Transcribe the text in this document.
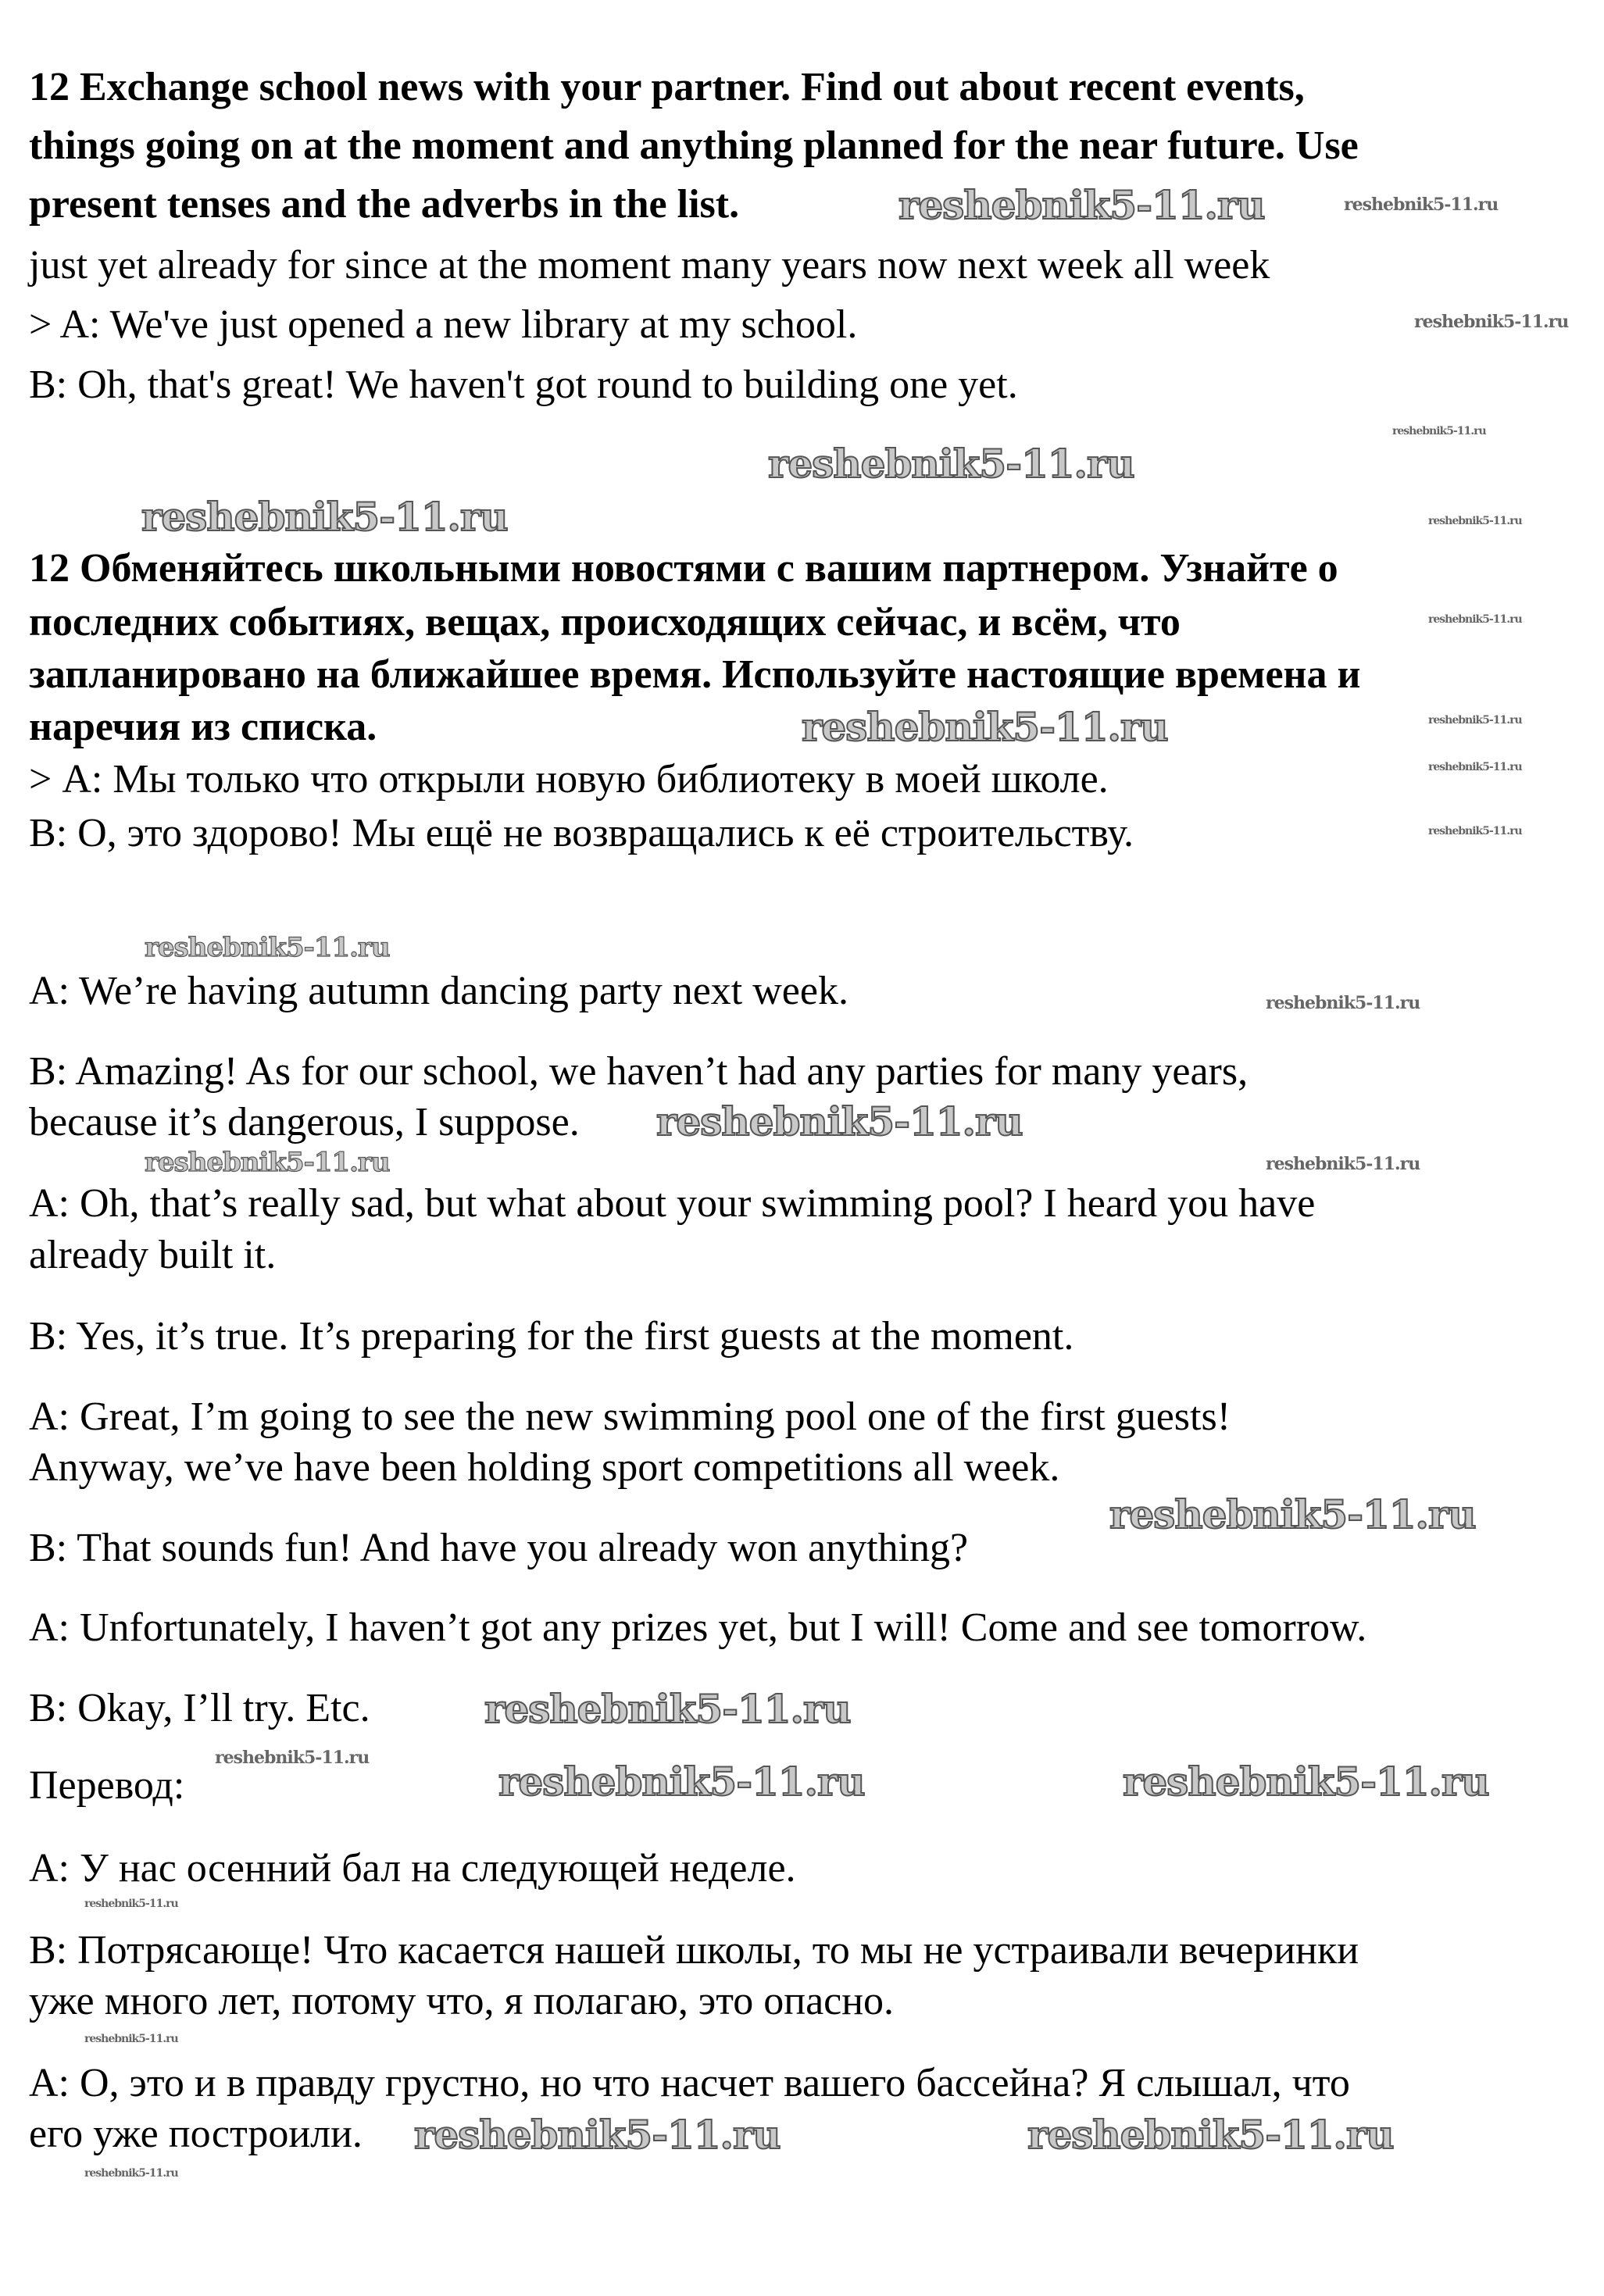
12 Exchange school news with your partner. Find out about recent events,
things going on at the moment and anything planned for the near future. Use
present tenses and the adverbs in the list.
just yet already for since at the moment many years now next week all week
> A: We've just opened a new library at my school.
B: Oh, that's great! We haven't got round to building one yet.
12 Обменяйтесь школьными новостями с вашим партнером. Узнайте о
последних событиях, вещах, происходящих сейчас, и всём, что
запланировано на ближайшее время. Используйте настоящие времена и
наречия из списка.
> А: Мы только что открыли новую библиотеку в моей школе.
В: О, это здорово! Мы ещё не возвращались к её строительству.
A: We’re having autumn dancing party next week.
B: Amazing! As for our school, we haven’t had any parties for many years,
because it’s dangerous, I suppose.
A: Oh, that’s really sad, but what about your swimming pool? I heard you have
already built it.
B: Yes, it’s true. It’s preparing for the first guests at the moment.
A: Great, I’m going to see the new swimming pool one of the first guests!
Anyway, we’ve have been holding sport competitions all week.
B: That sounds fun! And have you already won anything?
A: Unfortunately, I haven’t got any prizes yet, but I will! Come and see tomorrow.
B: Okay, I’ll try. Etc.
Перевод:
А: У нас осенний бал на следующей неделе.
В: Потрясающе! Что касается нашей школы, то мы не устраивали вечеринки
уже много лет, потому что, я полагаю, это опасно.
А: О, это и в правду грустно, но что насчет вашего бассейна? Я слышал, что
его уже построили.
reshebnik5-11.ru	reshebnik5-11.ru
reshebnik5-11.ru
reshebnik5-11.ru
reshebnik5-11.ru
reshebnik5-11.ru
reshebnik5-11.ru
reshebnik5-11.ru
reshebnik5-11.ru	reshebnik5-11.ru
reshebnik5-11.ru
reshebnik5-11.ru
reshebnik5-11.ru
reshebnik5-11.ru
reshebnik5-11.ru
reshebnik5-11.ru
reshebnik5-11.ru
reshebnik5-11.ru
reshebnik5-11.ru
reshebnik5-11.ru
reshebnik5-11.ru	reshebnik5-11.ru
reshebnik5-11.ru
reshebnik5-11.ru
reshebnik5-11.ru	reshebnik5-11.ru
reshebnik5-11.ru
